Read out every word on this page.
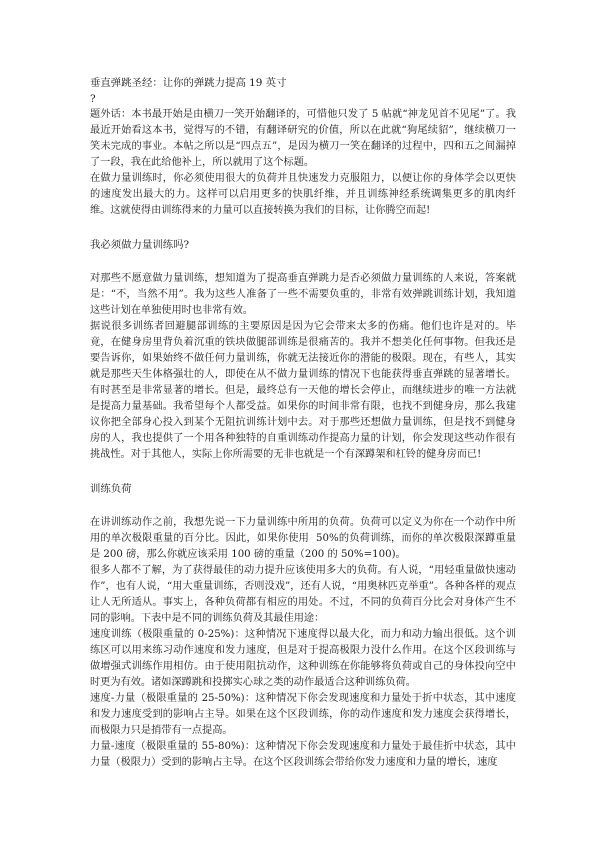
垂直弹跳圣经：让你的弹跳力提高 19 英寸

?

题外话：本书最开始是由横刀一笑开始翻译的，可惜他只发了 5 帖就“神龙见首不见尾”了。我最近开始看这本书，觉得写的不错，有翻译研究的价值，所以在此就“狗尾续貂”，继续横刀一笑未完成的事业。本帖之所以是“四点五”，是因为横刀一笑在翻译的过程中，四和五之间漏掉了一段，我在此给他补上，所以就用了这个标题。

在做力量训练时，你必须使用很大的负荷并且快速发力克服阻力，以便让你的身体学会以更快的速度发出最大的力。这样可以启用更多的快肌纤维，并且训练神经系统调集更多的肌肉纤维。这就使得由训练得来的力量可以直接转换为我们的目标，让你腾空而起!

我必须做力量训练吗?

对那些不愿意做力量训练，想知道为了提高垂直弹跳力是否必须做力量训练的人来说，答案就是：“不，当然不用”。我为这些人准备了一些不需要负重的，非常有效弹跳训练计划，我知道这些计划在单独使用时也非常有效。

据说很多训练者回避腿部训练的主要原因是因为它会带来太多的伤痛。他们也许是对的。毕竟，在健身房里背负着沉重的铁块做腿部训练是很痛苦的。我并不想美化任何事物。但我还是要告诉你，如果始终不做任何力量训练，你就无法接近你的潜能的极限。现在，有些人，其实就是那些天生体格强壮的人，即使在从不做力量训练的情况下也能获得垂直弹跳的显著增长。有时甚至是非常显著的增长。但是，最终总有一天他的增长会停止，而继续进步的唯一方法就是提高力量基础。我希望每个人都受益。如果你的时间非常有限，也找不到健身房，那么我建议你把全部身心投入到某个无阻抗训练计划中去。对于那些还想做力量训练，但是找不到健身房的人，我也提供了一个用各种独特的自重训练动作提高力量的计划，你会发现这些动作很有挑战性。对于其他人，实际上你所需要的无非也就是一个有深蹲架和杠铃的健身房而已!

训练负荷

在讲训练动作之前，我想先说一下力量训练中所用的负荷。负荷可以定义为你在一个动作中所用的单次极限重量的百分比。因此，如果你使用  50%的负荷训练，而你的单次极限深蹲重量是 200 磅，那么你就应该采用 100 磅的重量（200 的 50%=100)。

很多人都不了解，为了获得最佳的动力提升应该使用多大的负荷。有人说，“用轻重量做快速动作”，也有人说，“用大重量训练，否则没戏”，还有人说，“用奥林匹克举重”。各种各样的观点让人无所适从。事实上，各种负荷都有相应的用处。不过，不同的负荷百分比会对身体产生不同的影响。下表中是不同的训练负荷及其最佳用途：

速度训练（极限重量的 0-25%)：这种情况下速度得以最大化，而力和动力输出很低。这个训练区可以用来练习动作速度和发力速度，但是对于提高极限力没什么作用。在这个区段训练与做增强式训练作用相仿。由于使用阻抗动作，这种训练在你能够将负荷或自己的身体投向空中时更为有效。诸如深蹲跳和投掷实心球之类的动作最适合这种训练负荷。

速度-力量（极限重量的 25-50%)：这种情况下你会发现速度和力量处于折中状态，其中速度和发力速度受到的影响占主导。如果在这个区段训练，你的动作速度和发力速度会获得增长，而极限力只是捎带有一点提高。

力量-速度（极限重量的 55-80%)：这种情况下你会发现速度和力量处于最佳折中状态，其中力量（极限力）受到的影响占主导。在这个区段训练会带给你发力速度和力量的增长，速度
